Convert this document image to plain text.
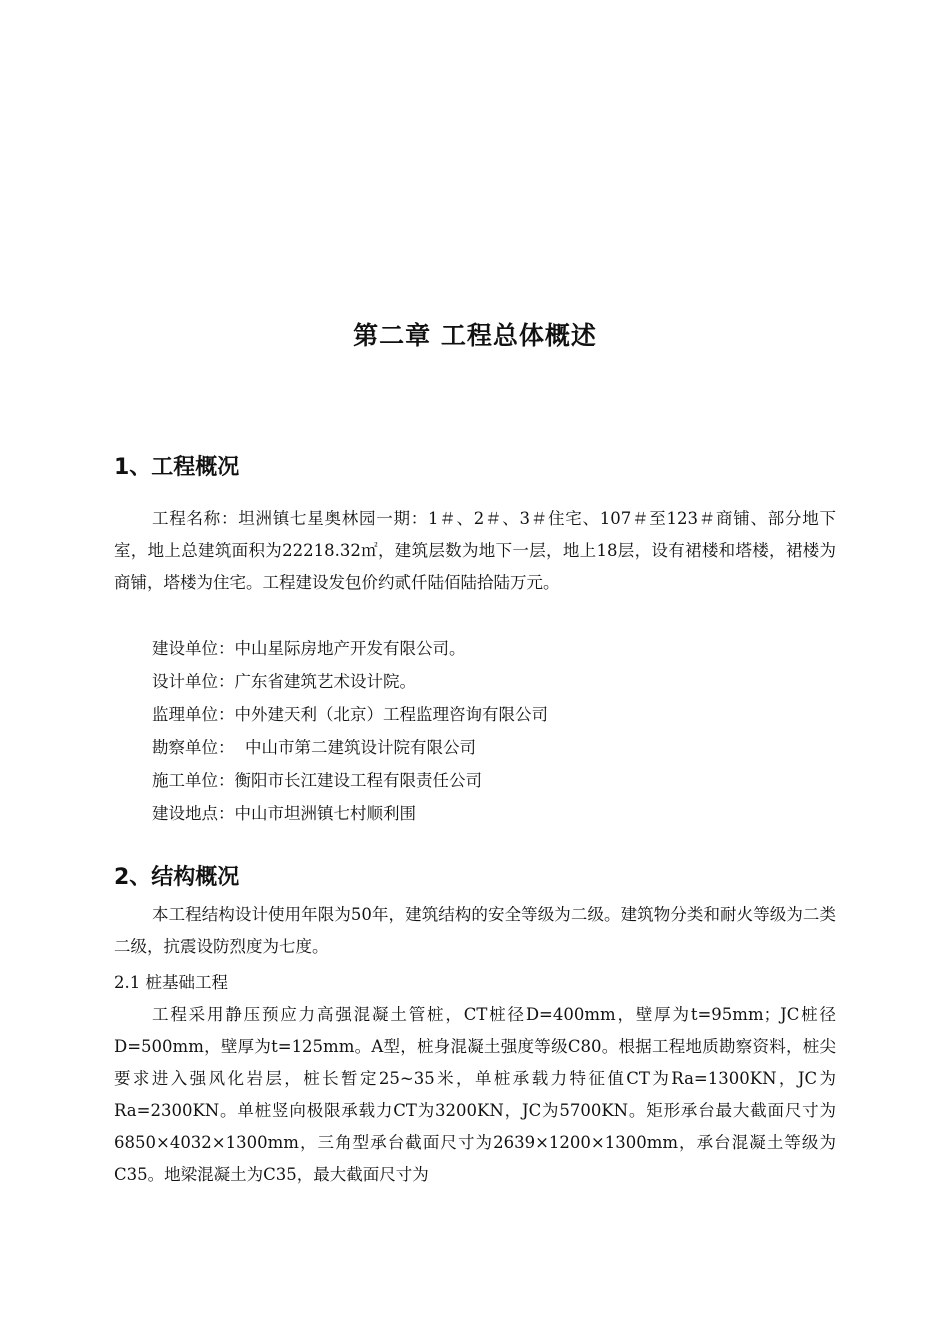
第二章 工程总体概述
1、工程概况

工程名称：坦洲镇七星奥林园一期：1＃、2＃、3＃住宅、107＃至123＃商铺、部分地下室，地上总建筑面积为22218.32㎡，建筑层数为地下一层，地上18层，设有裙楼和塔楼，裙楼为商铺，塔楼为住宅。工程建设发包价约贰仟陆佰陆拾陆万元。

建设单位：中山星际房地产开发有限公司。
设计单位：广东省建筑艺术设计院。
监理单位：中外建天利（北京）工程监理咨询有限公司
勘察单位：  中山市第二建筑设计院有限公司
施工单位：衡阳市长江建设工程有限责任公司
建设地点：中山市坦洲镇七村顺利围
2、结构概况

本工程结构设计使用年限为50年，建筑结构的安全等级为二级。建筑物分类和耐火等级为二类二级，抗震设防烈度为七度。

2.1 桩基础工程

工程采用静压预应力高强混凝土管桩，CT桩径D=400mm，壁厚为t=95mm；JC桩径D=500mm，壁厚为t=125mm。A型，桩身混凝土强度等级C80。根据工程地质勘察资料，桩尖要求进入强风化岩层，桩长暂定25~35米，单桩承载力特征值CT为Ra=1300KN，JC为Ra=2300KN。单桩竖向极限承载力CT为3200KN，JC为5700KN。矩形承台最大截面尺寸为6850×4032×1300mm，三角型承台截面尺寸为2639×1200×1300mm，承台混凝土等级为C35。地梁混凝土为C35，最大截面尺寸为
